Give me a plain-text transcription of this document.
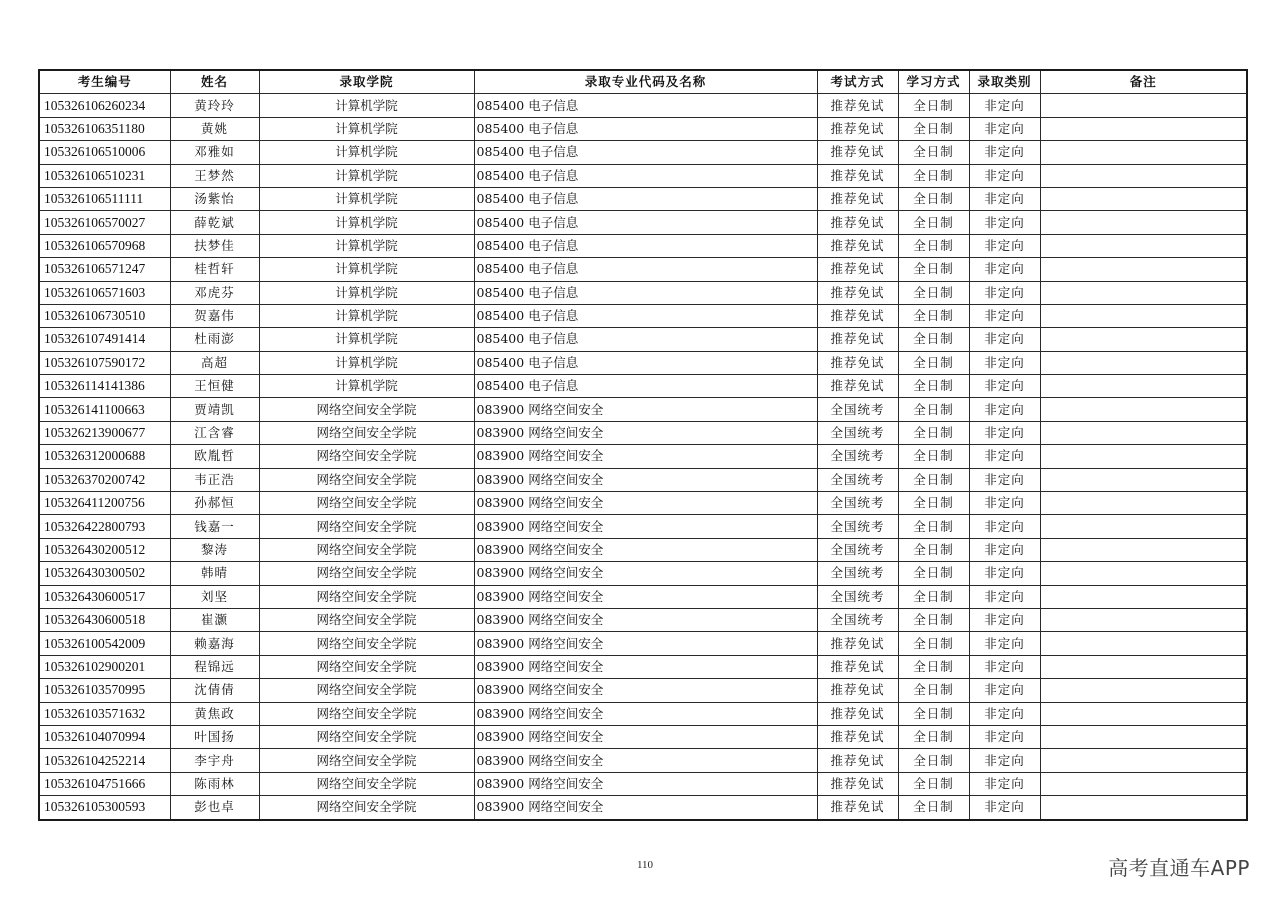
考生编号	姓名	录取学院	录取专业代码及名称	考试方式	学习方式	录取类别	备注
105326106260234	黄玲玲	计算机学院	085400 电子信息	推荐免试	全日制	非定向	
105326106351180	黄姚	计算机学院	085400 电子信息	推荐免试	全日制	非定向	
105326106510006	邓雅如	计算机学院	085400 电子信息	推荐免试	全日制	非定向	
105326106510231	王梦然	计算机学院	085400 电子信息	推荐免试	全日制	非定向	
105326106511111	汤紫怡	计算机学院	085400 电子信息	推荐免试	全日制	非定向	
105326106570027	薛乾斌	计算机学院	085400 电子信息	推荐免试	全日制	非定向	
105326106570968	扶梦佳	计算机学院	085400 电子信息	推荐免试	全日制	非定向	
105326106571247	桂哲轩	计算机学院	085400 电子信息	推荐免试	全日制	非定向	
105326106571603	邓虎芬	计算机学院	085400 电子信息	推荐免试	全日制	非定向	
105326106730510	贺嘉伟	计算机学院	085400 电子信息	推荐免试	全日制	非定向	
105326107491414	杜雨澎	计算机学院	085400 电子信息	推荐免试	全日制	非定向	
105326107590172	高超	计算机学院	085400 电子信息	推荐免试	全日制	非定向	
105326114141386	王恒健	计算机学院	085400 电子信息	推荐免试	全日制	非定向	
105326141100663	贾靖凯	网络空间安全学院	083900 网络空间安全	全国统考	全日制	非定向	
105326213900677	江含睿	网络空间安全学院	083900 网络空间安全	全国统考	全日制	非定向	
105326312000688	欧胤哲	网络空间安全学院	083900 网络空间安全	全国统考	全日制	非定向	
105326370200742	韦正浩	网络空间安全学院	083900 网络空间安全	全国统考	全日制	非定向	
105326411200756	孙郝恒	网络空间安全学院	083900 网络空间安全	全国统考	全日制	非定向	
105326422800793	钱嘉一	网络空间安全学院	083900 网络空间安全	全国统考	全日制	非定向	
105326430200512	黎涛	网络空间安全学院	083900 网络空间安全	全国统考	全日制	非定向	
105326430300502	韩晴	网络空间安全学院	083900 网络空间安全	全国统考	全日制	非定向	
105326430600517	刘坚	网络空间安全学院	083900 网络空间安全	全国统考	全日制	非定向	
105326430600518	崔灏	网络空间安全学院	083900 网络空间安全	全国统考	全日制	非定向	
105326100542009	赖嘉海	网络空间安全学院	083900 网络空间安全	推荐免试	全日制	非定向	
105326102900201	程锦远	网络空间安全学院	083900 网络空间安全	推荐免试	全日制	非定向	
105326103570995	沈倩倩	网络空间安全学院	083900 网络空间安全	推荐免试	全日制	非定向	
105326103571632	黄焦政	网络空间安全学院	083900 网络空间安全	推荐免试	全日制	非定向	
105326104070994	叶国扬	网络空间安全学院	083900 网络空间安全	推荐免试	全日制	非定向	
105326104252214	李宇舟	网络空间安全学院	083900 网络空间安全	推荐免试	全日制	非定向	
105326104751666	陈雨林	网络空间安全学院	083900 网络空间安全	推荐免试	全日制	非定向	
105326105300593	彭也卓	网络空间安全学院	083900 网络空间安全	推荐免试	全日制	非定向	
110	高考直通车APP
